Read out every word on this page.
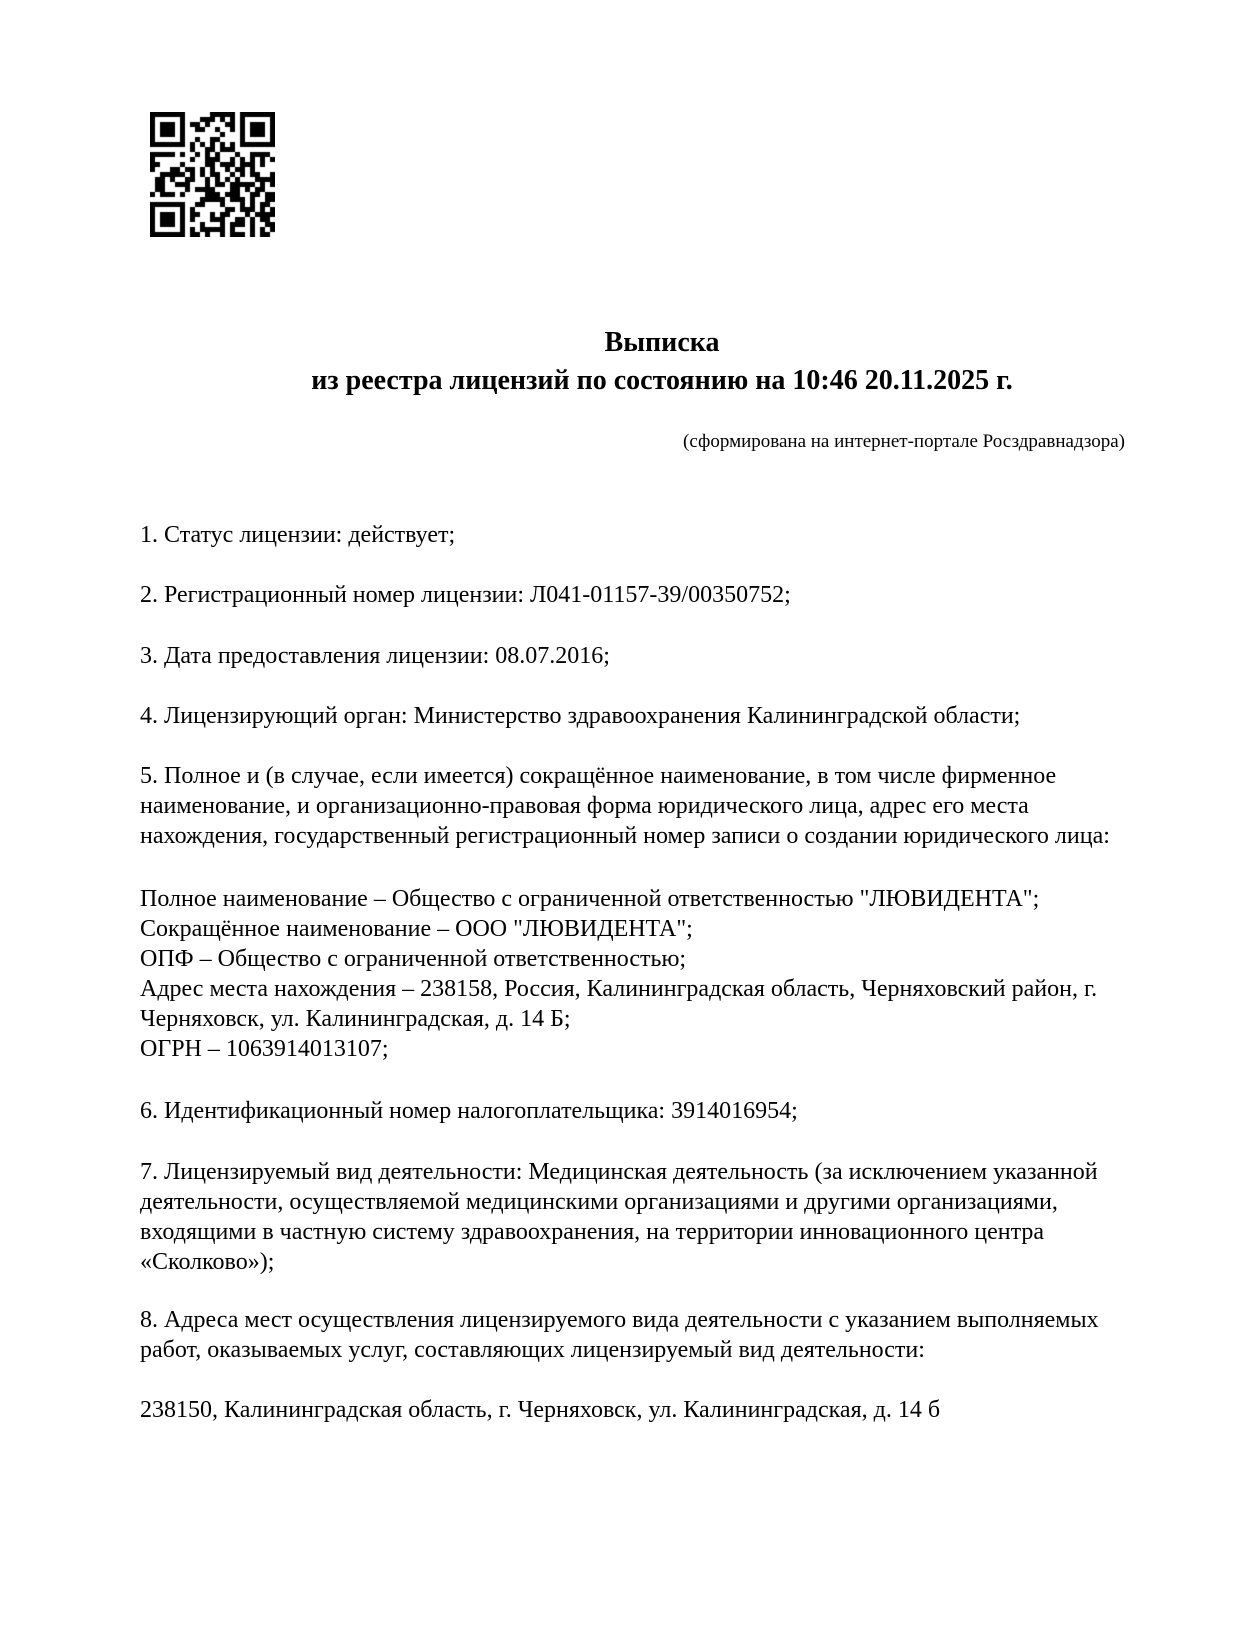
Выписка
из реестра лицензий по состоянию на 10:46 20.11.2025 г.
(сформирована на интернет-портале Росздравнадзора)
1. Статус лицензии: действует;
2. Регистрационный номер лицензии: Л041-01157-39/00350752;
3. Дата предоставления лицензии: 08.07.2016;
4. Лицензирующий орган: Министерство здравоохранения Калининградской области;
5. Полное и (в случае, если имеется) сокращённое наименование, в том числе фирменное
наименование, и организационно-правовая форма юридического лица, адрес его места
нахождения, государственный регистрационный номер записи о создании юридического лица:
Полное наименование – Общество с ограниченной ответственностью "ЛЮВИДЕНТА";
Сокращённое наименование – ООО "ЛЮВИДЕНТА";
ОПФ – Общество с ограниченной ответственностью;
Адрес места нахождения – 238158, Россия, Калининградская область, Черняховский район, г.
Черняховск, ул. Калининградская, д. 14 Б;
ОГРН – 1063914013107;
6. Идентификационный номер налогоплательщика: 3914016954;
7. Лицензируемый вид деятельности: Медицинская деятельность (за исключением указанной
деятельности, осуществляемой медицинскими организациями и другими организациями,
входящими в частную систему здравоохранения, на территории инновационного центра
«Сколково»);
8. Адреса мест осуществления лицензируемого вида деятельности с указанием выполняемых
работ, оказываемых услуг, составляющих лицензируемый вид деятельности:
238150, Калининградская область, г. Черняховск, ул. Калининградская, д. 14 б
